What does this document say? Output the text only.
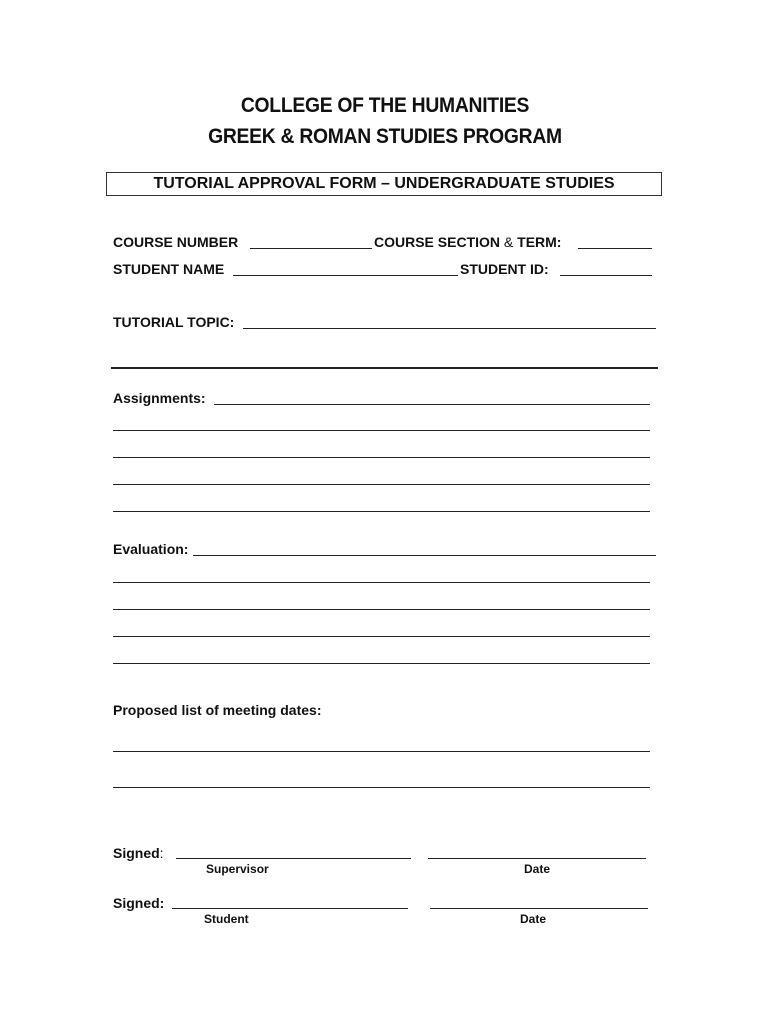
COLLEGE OF THE HUMANITIES
GREEK & ROMAN STUDIES PROGRAM
TUTORIAL APPROVAL FORM – UNDERGRADUATE STUDIES
COURSE NUMBER	COURSE SECTION & TERM:
STUDENT NAME	STUDENT ID:
TUTORIAL TOPIC:
Assignments:
Evaluation:
Proposed list of meeting dates:
Signed:
Supervisor	Date
Signed:
Student	Date
